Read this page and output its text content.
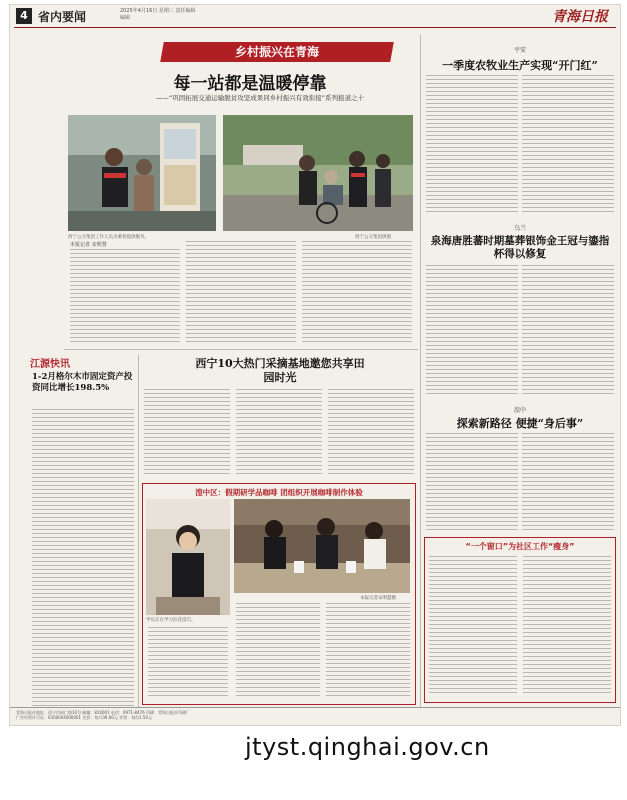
4 省内要闻	2025年4月16日 星期三 责任编辑 编辑	青海日报
乡村振兴在青海
每一站都是温暖停靠
——“巩固拓展交通运输脱贫攻坚成果同乡村振兴有效衔接”系列报道之十
西宁公交集团工作人员为乘客提供服务。	西宁公交集团供图
本报记者 宋明慧
平安
一季度农牧业生产实现“开门红”
乌兰
泉海唐胜蕃时期墓葬银饰金王冠与鎏指杯得以修复
湟中
探索新路径 便捷“身后事”
“一个窗口”为社区工作“瘦身”
江源快讯
1-2月格尔木市固定资产投资同比增长198.5%
西宁10大热门采摘基地邀您共享田园时光
湟中区：假期研学品咖啡 团组织开展咖啡制作体验
学员正在学习拉花技巧。
本报记者宋明慧摄
青海日报社地址：西宁市同仁路10号 邮编：810001 电话：0971-8476 印刷：青海日报社印刷厂
广告经营许可证：6300004000001 定价：每月39.00元 零售：每份1.50元
jtyst.qinghai.gov.cn
